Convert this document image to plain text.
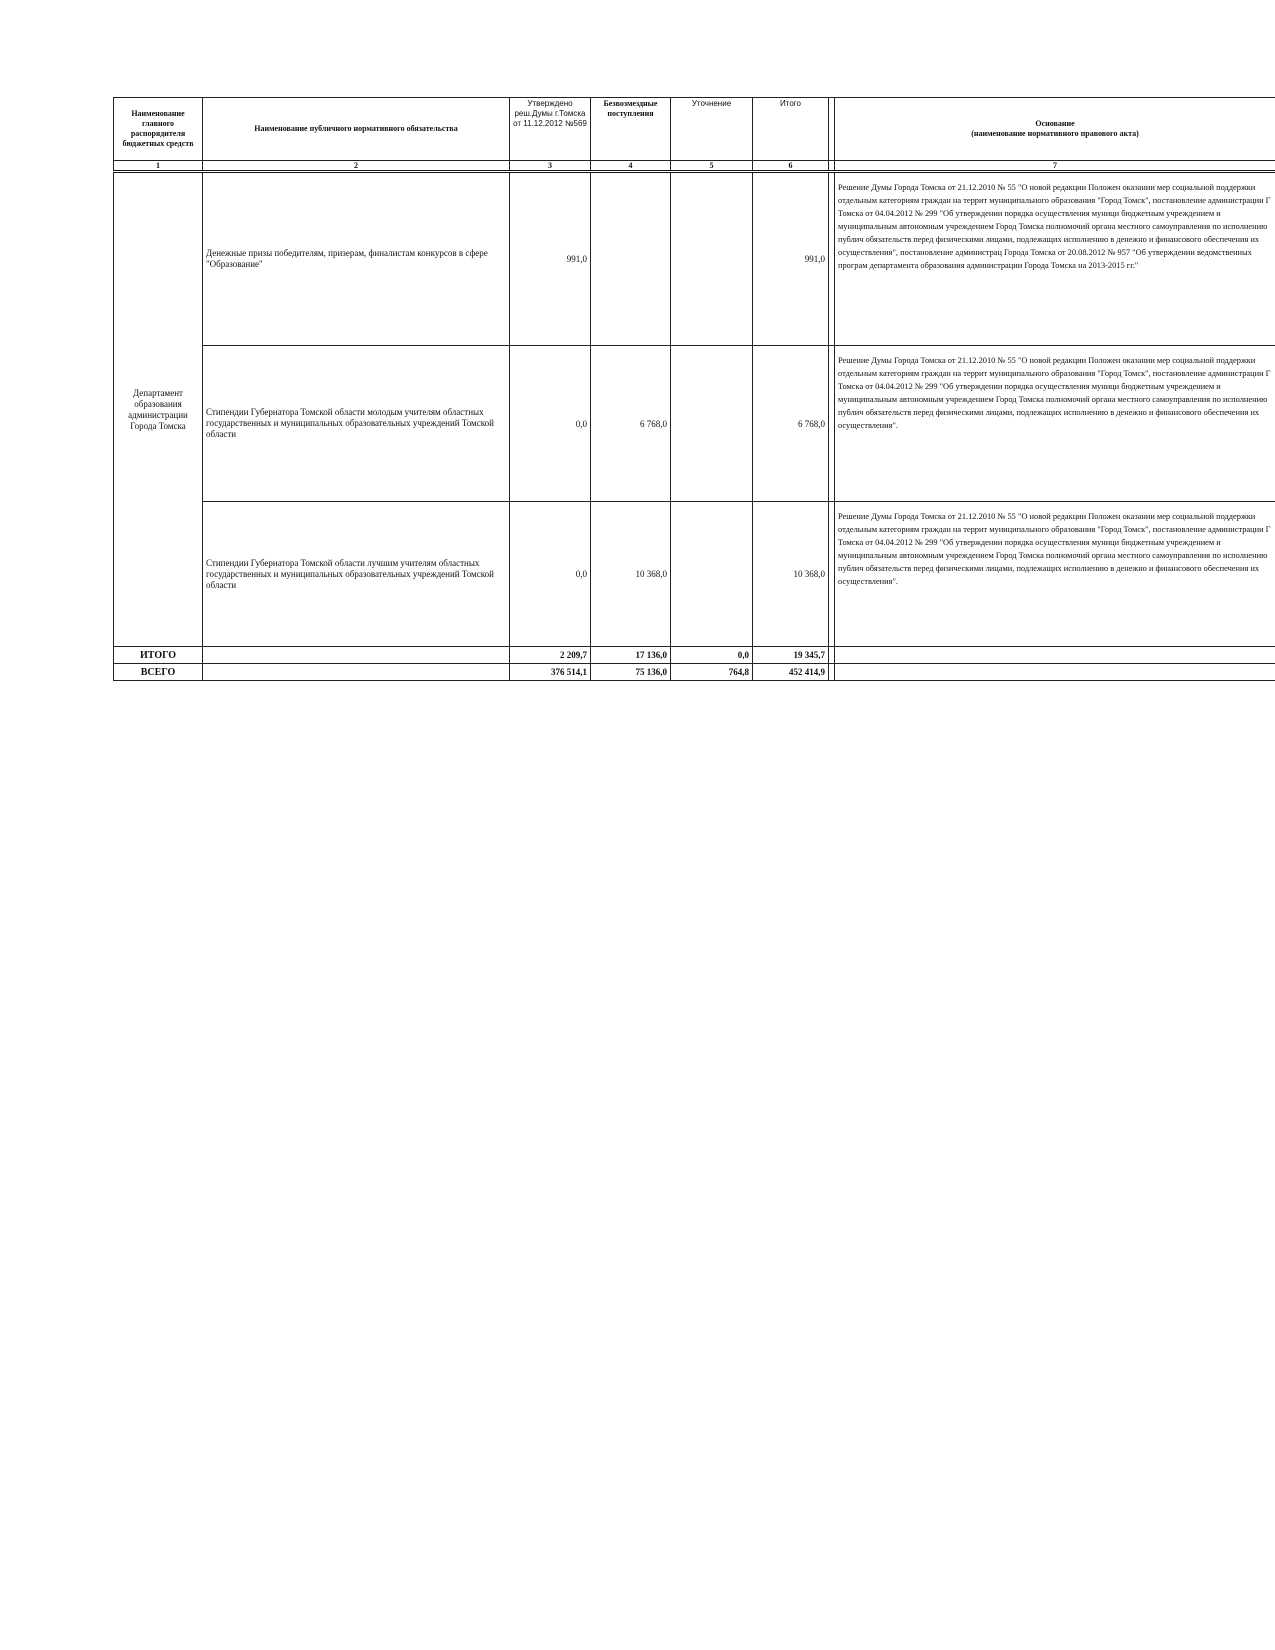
Наименование главного распорядителя бюджетных средств	Наименование публичного нормативного обязательства	Утверждено реш.Думы г.Томска от 11.12.2012 №569	Безвозмездные поступления	Уточнение	Итого		Основание
(наименование нормативного правового акта)

1	2	3	4	5	6		7
Департамент образования администрации Города Томска	Денежные призы победителям, призерам, финалистам конкурсов в сфере "Образование"	991,0			991,0		Решение Думы Города Томска от 21.12.2010 № 55 "О новой редакции Положен оказании мер социальной поддержки отдельным категориям граждан на террит муниципального образования "Город Томск", постановление администрации Г Томска от 04.04.2012 № 299 "Об утверждении порядка осуществления муници бюджетным учреждением и муниципальным автономным учреждением Город Томска полномочий органа местного самоуправления по исполнению публич обязательств перед физическими лицами, подлежащих исполнению в денежно и финансового обеспечения их осуществления", постановление администрац Города Томска от 20.08.2012 № 957 "Об утверждении ведомственных програм департамента образования администрации Города Томска на 2013-2015 гг."
	Стипендии Губернатора Томской области молодым учителям областных государственных и муниципальных образовательных учреждений Томской области	0,0	6 768,0		6 768,0		Решение Думы Города Томска от 21.12.2010 № 55 "О новой редакции Положен оказании мер социальной поддержки отдельным категориям граждан на террит муниципального образования "Город Томск", постановление администрации Г Томска от 04.04.2012 № 299 "Об утверждении порядка осуществления муници бюджетным учреждением и муниципальным автономным учреждением Город Томска полномочий органа местного самоуправления по исполнению публич обязательств перед физическими лицами, подлежащих исполнению в денежно и финансового обеспечения их осуществления".
	Стипендии Губернатора Томской области лучшим учителям областных государственных и муниципальных образовательных учреждений Томской области	0,0	10 368,0		10 368,0		Решение Думы Города Томска от 21.12.2010 № 55 "О новой редакции Положен оказании мер социальной поддержки отдельным категориям граждан на террит муниципального образования "Город Томск", постановление администрации Г Томска от 04.04.2012 № 299 "Об утверждении порядка осуществления муници бюджетным учреждением и муниципальным автономным учреждением Город Томска полномочий органа местного самоуправления по исполнению публич обязательств перед физическими лицами, подлежащих исполнению в денежно и финансового обеспечения их осуществления".
ИТОГО		2 209,7	17 136,0	0,0	19 345,7		
ВСЕГО		376 514,1	75 136,0	764,8	452 414,9		
